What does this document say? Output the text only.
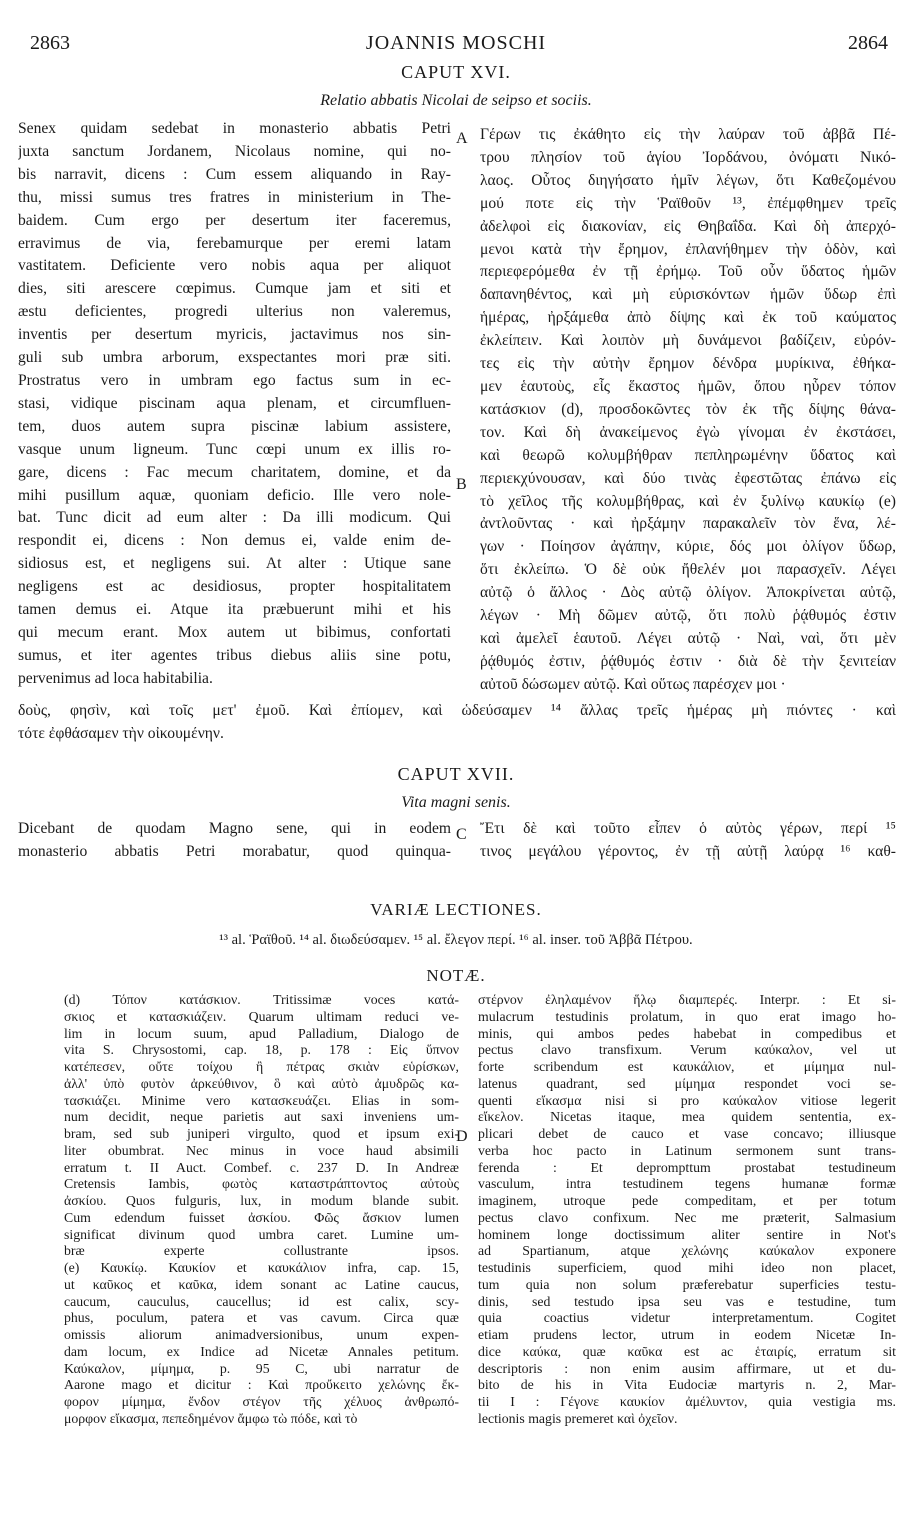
2863	JOANNIS MOSCHI	2864
CAPUT XVI.
Relatio abbatis Nicolai de seipso et sociis.
Senex quidam sedebat in monasterio abbatis Petri
juxta sanctum Jordanem, Nicolaus nomine, qui no-
bis narravit, dicens : Cum essem aliquando in Ray-
thu, missi sumus tres fratres in ministerium in The-
baidem. Cum ergo per desertum iter faceremus,
erravimus de via, ferebamurque per eremi latam
vastitatem. Deficiente vero nobis aqua per aliquot
dies, siti arescere cœpimus. Cumque jam et siti et
æstu deficientes, progredi ulterius non valeremus,
inventis per desertum myricis, jactavimus nos sin-
guli sub umbra arborum, exspectantes mori præ siti.
Prostratus vero in umbram ego factus sum in ec-
stasi, vidique piscinam aqua plenam, et circumfluen-
tem, duos autem supra piscinæ labium assistere,
vasque unum ligneum. Tunc cœpi unum ex illis ro-
gare, dicens : Fac mecum charitatem, domine, et da
mihi pusillum aquæ, quoniam deficio. Ille vero nole-
bat. Tunc dicit ad eum alter : Da illi modicum. Qui
respondit ei, dicens : Non demus ei, valde enim de-
sidiosus est, et negligens sui. At alter : Utique sane
negligens est ac desidiosus, propter hospitalitatem
tamen demus ei. Atque ita præbuerunt mihi et his
qui mecum erant. Mox autem ut bibimus, confortati
sumus, et iter agentes tribus diebus aliis sine potu,
pervenimus ad loca habitabilia.
Γέρων τις ἐκάθητο εἰς τὴν λαύραν τοῦ ἀββᾶ Πέ-
τρου πλησίον τοῦ ἁγίου Ἰορδάνου, ὀνόματι Νικό-
λαος. Οὗτος διηγήσατο ἡμῖν λέγων, ὅτι Καθεζομένου
μού ποτε εἰς τὴν Ῥαϊθοῦν ¹³, ἐπέμφθημεν τρεῖς
ἀδελφοὶ εἰς διακονίαν, εἰς Θηβαΐδα. Καὶ δὴ ἀπερχό-
μενοι κατὰ τὴν ἔρημον, ἐπλανήθημεν τὴν ὁδὸν, καὶ
περιεφερόμεθα ἐν τῇ ἐρήμῳ. Τοῦ οὖν ὕδατος ἡμῶν
δαπανηθέντος, καὶ μὴ εὑρισκόντων ἡμῶν ὕδωρ ἐπὶ
ἡμέρας, ἠρξάμεθα ἀπὸ δίψης καὶ ἐκ τοῦ καύματος
ἐκλείπειν. Καὶ λοιπὸν μὴ δυνάμενοι βαδίζειν, εὑρόν-
τες εἰς τὴν αὐτὴν ἔρημον δένδρα μυρίκινα, ἐθήκα-
μεν ἑαυτοὺς, εἷς ἕκαστος ἡμῶν, ὅπου ηὗρεν τόπον
κατάσκιον (d), προσδοκῶντες τὸν ἐκ τῆς δίψης θάνα-
τον. Καὶ δὴ ἀνακείμενος ἐγὼ γίνομαι ἐν ἐκστάσει,
καὶ θεωρῶ κολυμβήθραν πεπληρωμένην ὕδατος καὶ
περιεκχύνουσαν, καὶ δύο τινὰς ἐφεστῶτας ἐπάνω εἰς
τὸ χεῖλος τῆς κολυμβήθρας, καὶ ἐν ξυλίνῳ καυκίῳ (e)
ἀντλοῦντας · καὶ ἠρξάμην παρακαλεῖν τὸν ἕνα, λέ-
γων · Ποίησον ἀγάπην, κύριε, δός μοι ὀλίγον ὕδωρ,
ὅτι ἐκλείπω. Ὁ δὲ οὐκ ἤθελέν μοι παρασχεῖν. Λέγει
αὐτῷ ὁ ἄλλος · Δὸς αὐτῷ ὀλίγον. Ἀποκρίνεται αὐτῷ,
λέγων · Μὴ δῶμεν αὐτῷ, ὅτι πολὺ ῥᾴθυμός ἐστιν
καὶ ἀμελεῖ ἑαυτοῦ. Λέγει αὐτῷ · Ναὶ, ναὶ, ὅτι μὲν
ῥᾴθυμός ἐστιν, ῥᾴθυμός ἐστιν · διὰ δὲ τὴν ξενιτείαν
αὐτοῦ δώσωμεν αὐτῷ. Καὶ οὕτως παρέσχεν μοι ·
A
B
C
D
δοὺς, φησὶν, καὶ τοῖς μετ' ἐμοῦ. Καὶ ἐπίομεν, καὶ ὡδεύσαμεν ¹⁴ ἄλλας τρεῖς ἡμέρας μὴ πιόντες · καὶ
τότε ἐφθάσαμεν τὴν οἰκουμένην.
CAPUT XVII.
Vita magni senis.
Dicebant de quodam Magno sene, qui in eodem
monasterio abbatis Petri morabatur, quod quinqua-
Ἔτι δὲ καὶ τοῦτο εἶπεν ὁ αὐτὸς γέρων, περί ¹⁵
τινος μεγάλου γέροντος, ἐν τῇ αὐτῇ λαύρᾳ ¹⁶ καθ-
VARIÆ LECTIONES.
¹³ al. Ῥαϊθοῦ. ¹⁴ al. διωδεύσαμεν. ¹⁵ al. ἔλεγον περί. ¹⁶ al. inser. τοῦ Ἀββᾶ Πέτρου.
NOTÆ.
(d) Τόπον κατάσκιον. Tritissimæ voces κατά-
σκιος et κατασκιάζειν. Quarum ultimam reduci ve-
lim in locum suum, apud Palladium, Dialogo de
vita S. Chrysostomi, cap. 18, p. 178 : Εἰς ὕπνον
κατέπεσεν, οὔτε τοίχου ἢ πέτρας σκιὰν εὑρίσκων,
ἀλλ' ὑπὸ φυτὸν ἀρκεύθινον, ὃ καὶ αὐτὸ ἀμυδρῶς κα-
τασκιάζει. Minime vero κατασκευάζει. Elias in som-
num decidit, neque parietis aut saxi inveniens um-
bram, sed sub juniperi virgulto, quod et ipsum exi-
liter obumbrat. Nec minus in voce haud absimili
erratum t. II Auct. Combef. c. 237 D. In Andreæ
Cretensis Iambis, φωτὸς καταστράπτοντος αὐτοὺς
ἀσκίου. Quos fulguris, lux, in modum blande subit.
Cum edendum fuisset ἀσκίου. Φῶς ἄσκιον lumen
significat divinum quod umbra caret. Lumine um-
bræ experte collustrante ipsos.
(e) Καυκίῳ. Καυκίον et καυκάλιον infra, cap. 15,
ut καῦκος et καῦκα, idem sonant ac Latine caucus,
caucum, cauculus, caucellus; id est calix, scy-
phus, poculum, patera et vas cavum. Circa quæ
omissis aliorum animadversionibus, unum expen-
dam locum, ex Indice ad Nicetæ Annales petitum.
Καύκαλον, μίμημα, p. 95 C, ubi narratur de
Aarone mago et dicitur : Καὶ προὔκειτο χελώνης ἔκ-
φορον μίμημα, ἔνδον στέγον τῆς χέλυος ἀνθρωπό-
μορφον εἴκασμα, πεπεδημένον ἄμφω τὼ πόδε, καὶ τὸ
στέρνον ἐληλαμένον ἥλῳ διαμπερές. Interpr. : Et si-
mulacrum testudinis prolatum, in quo erat imago ho-
minis, qui ambos pedes habebat in compedibus et
pectus clavo transfixum. Verum καύκαλον, vel ut
forte scribendum est καυκάλιον, et μίμημα nul-
latenus quadrant, sed μίμημα respondet voci se-
quenti εἴκασμα nisi si pro καύκαλον vitiose legerit
εἴκελον. Nicetas itaque, mea quidem sententia, ex-
plicari debet de cauco et vase concavo; illiusque
verba hoc pacto in Latinum sermonem sunt trans-
ferenda : Et deprompttum prostabat testudineum
vasculum, intra testudinem tegens humanæ formæ
imaginem, utroque pede compeditam, et per totum
pectus clavo confixum. Nec me præterit, Salmasium
hominem longe doctissimum aliter sentire in Not's
ad Spartianum, atque χελώνης καύκαλον exponere
testudinis superficiem, quod mihi ideo non placet,
tum quia non solum præferebatur superficies testu-
dinis, sed testudo ipsa seu vas e testudine, tum
quia coactius videtur interpretamentum. Cogitet
etiam prudens lector, utrum in eodem Nicetæ In-
dice καύκα, quæ καῦκα est ac ἑταιρίς, erratum sit
descriptoris : non enim ausim affirmare, ut et du-
bito de his in Vita Eudociæ martyris n. 2, Mar-
tii I : Γέγονε καυκίον ἀμέλυντον, quia vestigia ms.
lectionis magis premeret καὶ ὀχεῖον.
